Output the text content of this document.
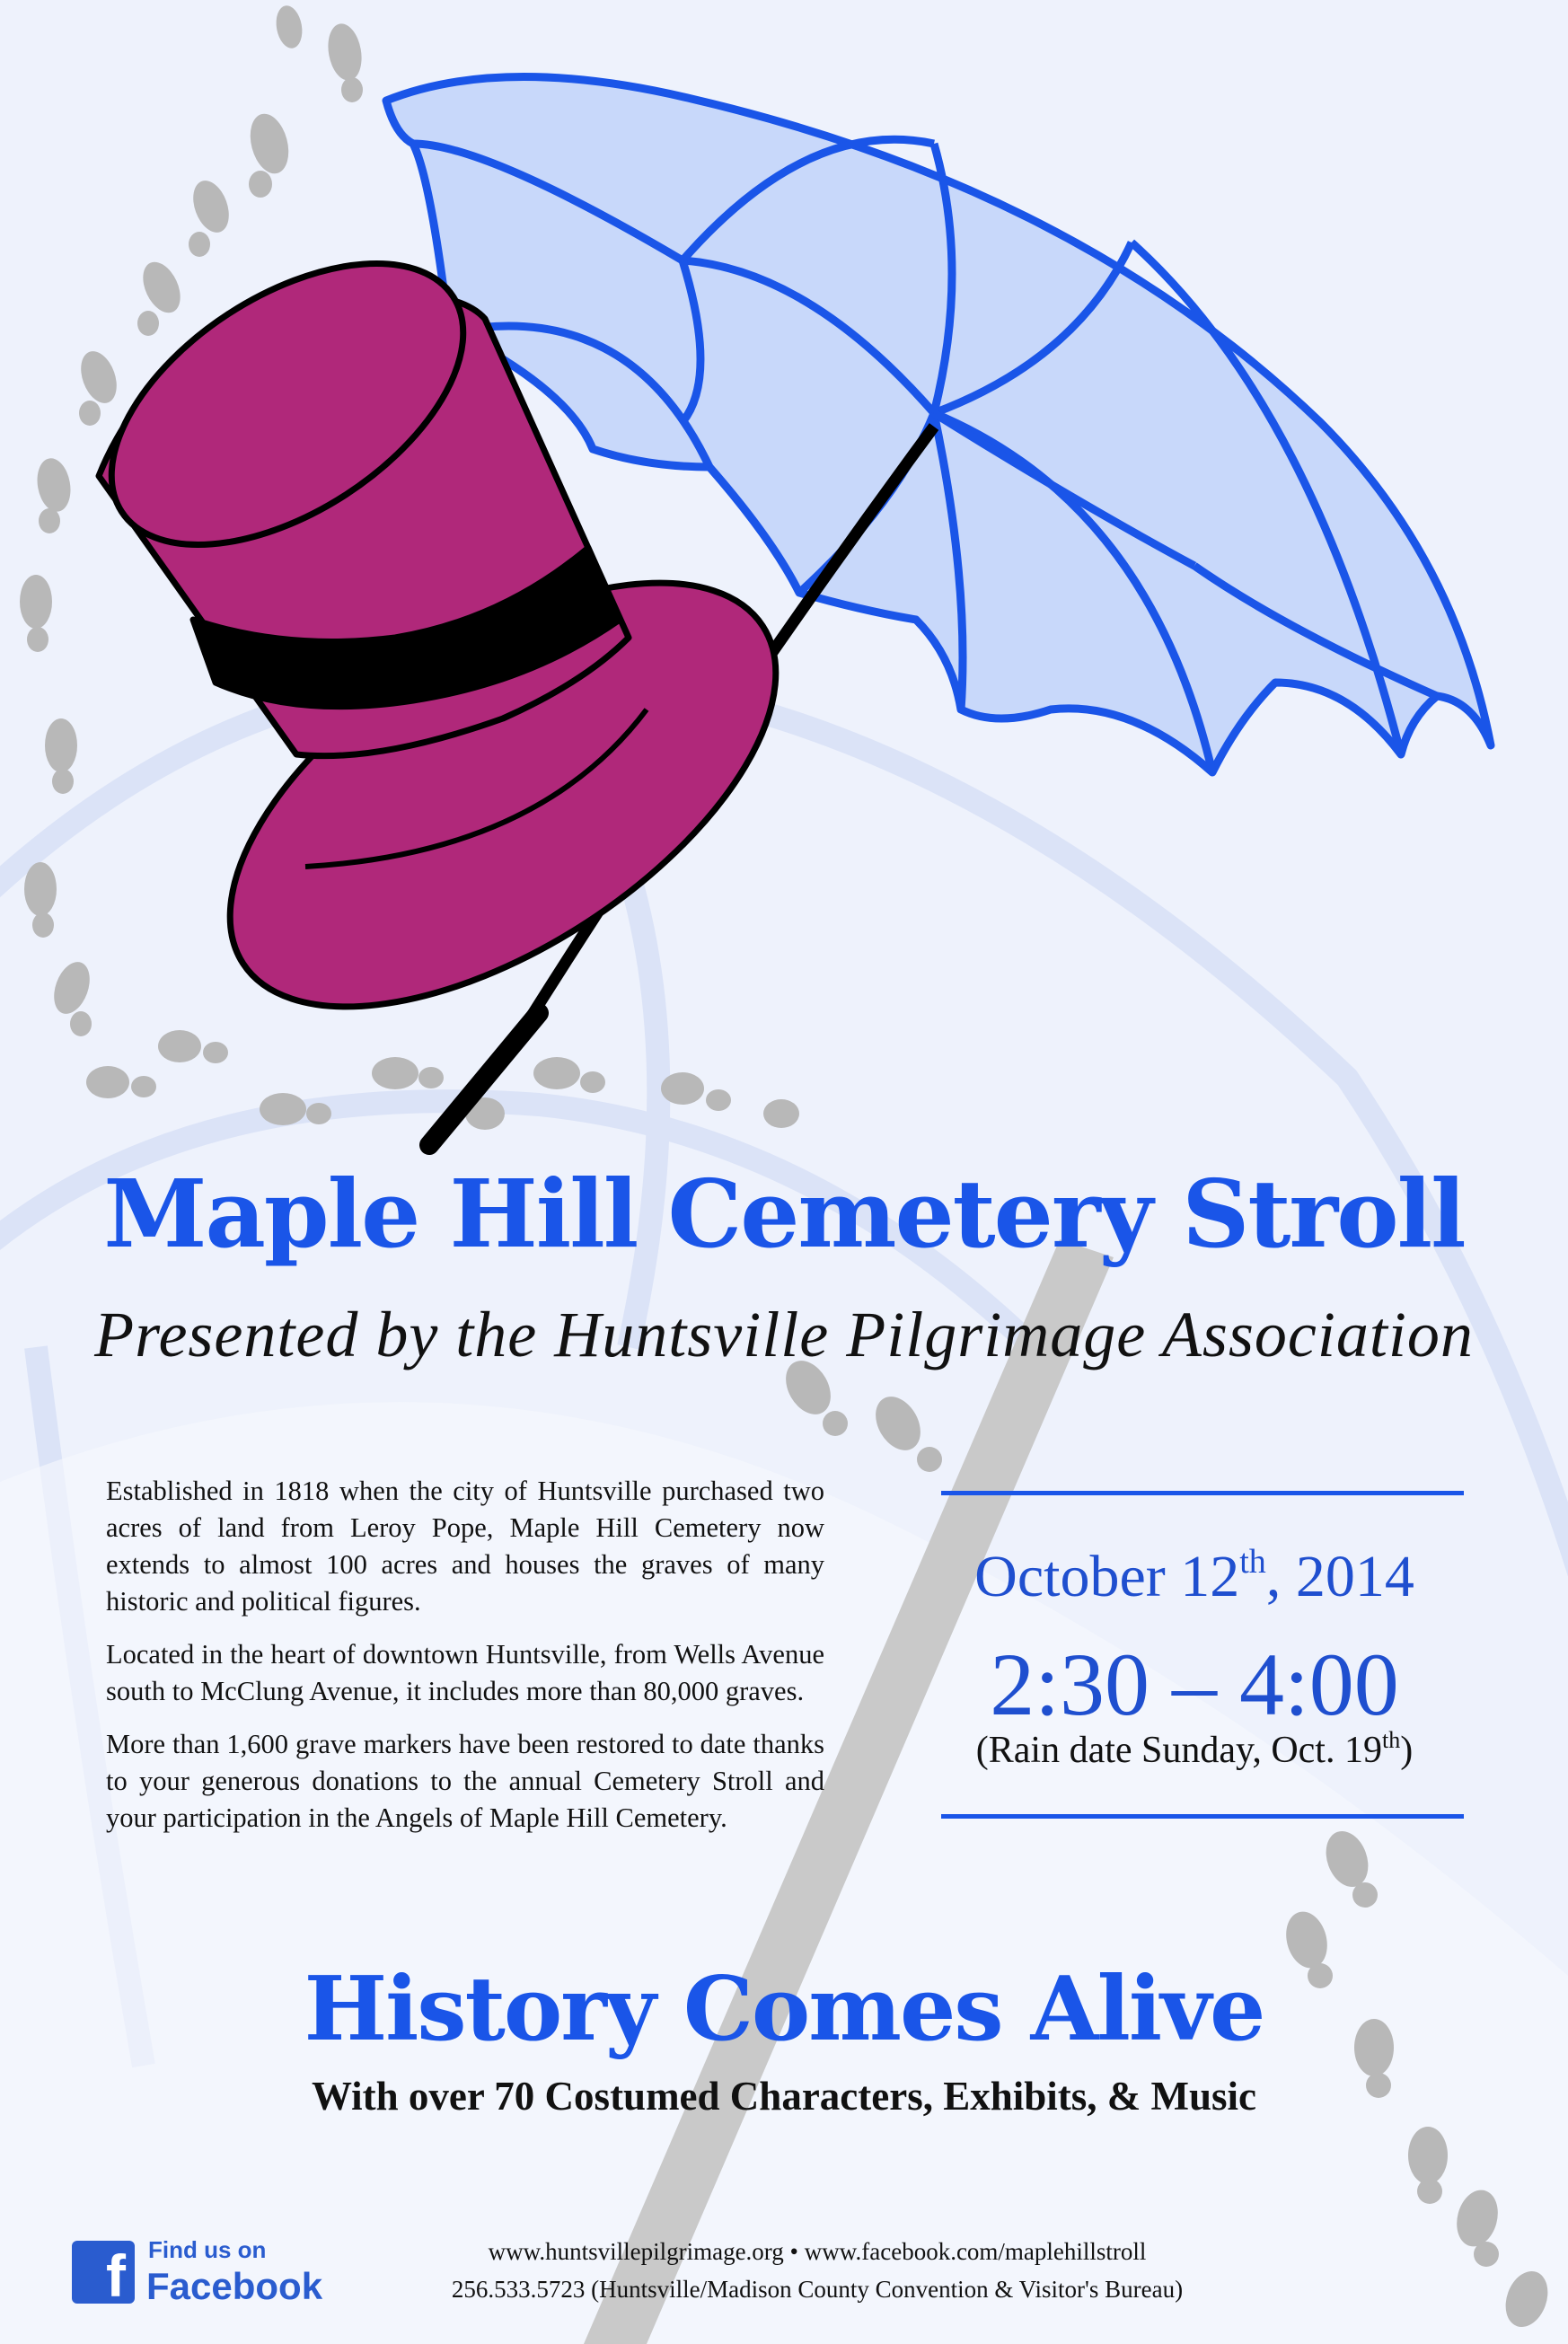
Maple Hill Cemetery Stroll
Presented by the Huntsville Pilgrimage Association

Established in 1818 when the city of Huntsville purchased two acres of land from Leroy Pope, Maple Hill Cemetery now extends to almost 100 acres and houses the graves of many historic and political figures.

Located in the heart of downtown Huntsville, from Wells Avenue south to McClung Avenue, it includes more than 80,000 graves.

More than 1,600 grave markers have been restored to date thanks to your generous donations to the annual Cemetery Stroll and your participation in the Angels of Maple Hill Cemetery.

October 12th, 2014
2:30 – 4:00
(Rain date Sunday, Oct. 19th)
History Comes Alive
With over 70 Costumed Characters, Exhibits, & Music
f Find us on
Facebook
www.huntsvillepilgrimage.org • www.facebook.com/maplehillstroll
256.533.5723 (Huntsville/Madison County Convention & Visitor's Bureau)
